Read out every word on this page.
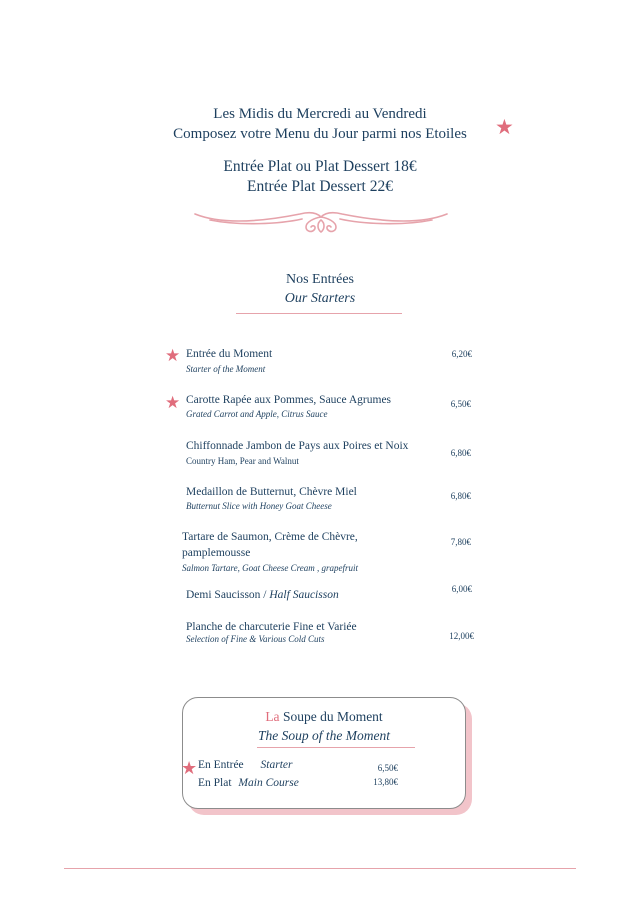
Les Midis du Mercredi au Vendredi
Composez votre Menu du Jour parmi nos Etoiles	★
Entrée Plat ou Plat Dessert 18€
Entrée Plat Dessert 22€
Nos Entrées
Our Starters
★ Entrée du Moment
Starter of the Moment
6,20€
★ Carotte Rapée aux Pommes, Sauce Agrumes
Grated Carrot and Apple, Citrus Sauce
6,50€
Chiffonnade Jambon de Pays aux Poires et Noix
Country Ham, Pear and Walnut
6,80€
Medaillon de Butternut, Chèvre Miel
Butternut Slice with Honey Goat Cheese
6,80€
Tartare de Saumon, Crème de Chèvre,
pamplemousse
Salmon Tartare, Goat Cheese Cream , grapefruit
7,80€
Demi Saucisson / Half Saucisson	6,00€
Planche de charcuterie Fine et Variée
Selection of Fine & Various Cold Cuts	12,00€
La Soupe du Moment
The Soup of the Moment
★ En Entrée Starter	6,50€
En Plat Main Course	13,80€
